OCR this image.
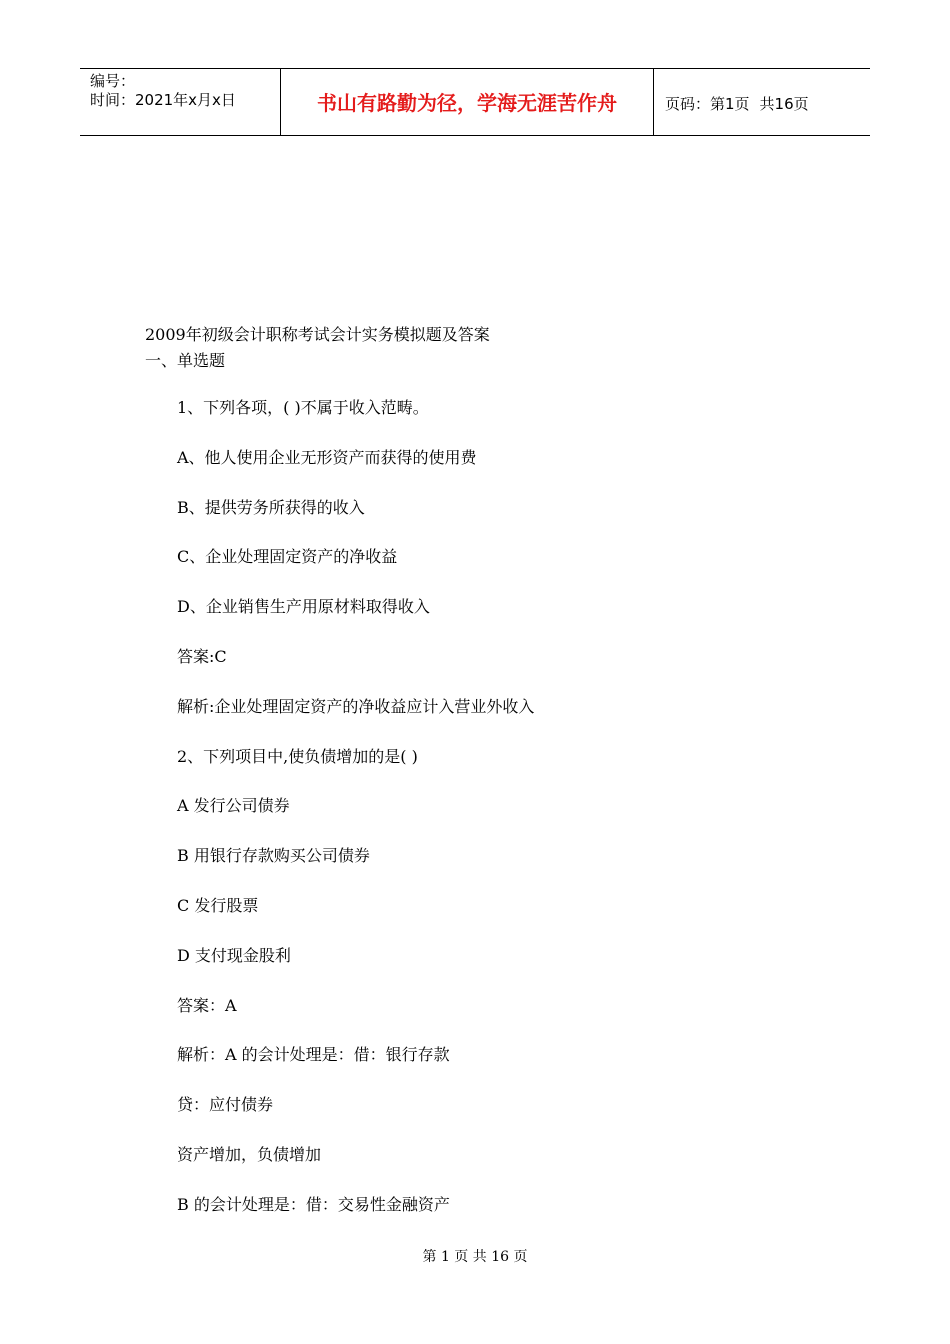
编号：
时间：2021年x月x日	书山有路勤为径，学海无涯苦作舟	页码：第1页 共16页
2009年初级会计职称考试会计实务模拟题及答案
一、单选题
1、下列各项，( )不属于收入范畴。
A、他人使用企业无形资产而获得的使用费
B、提供劳务所获得的收入
C、企业处理固定资产的净收益
D、企业销售生产用原材料取得收入
答案:C
解析:企业处理固定资产的净收益应计入营业外收入
2、下列项目中,使负债增加的是( )
A 发行公司债券
B 用银行存款购买公司债券
C 发行股票
D 支付现金股利
答案：A
解析：A 的会计处理是：借：银行存款
贷：应付债券
资产增加，负债增加
B 的会计处理是：借：交易性金融资产
第 1 页 共 16 页
